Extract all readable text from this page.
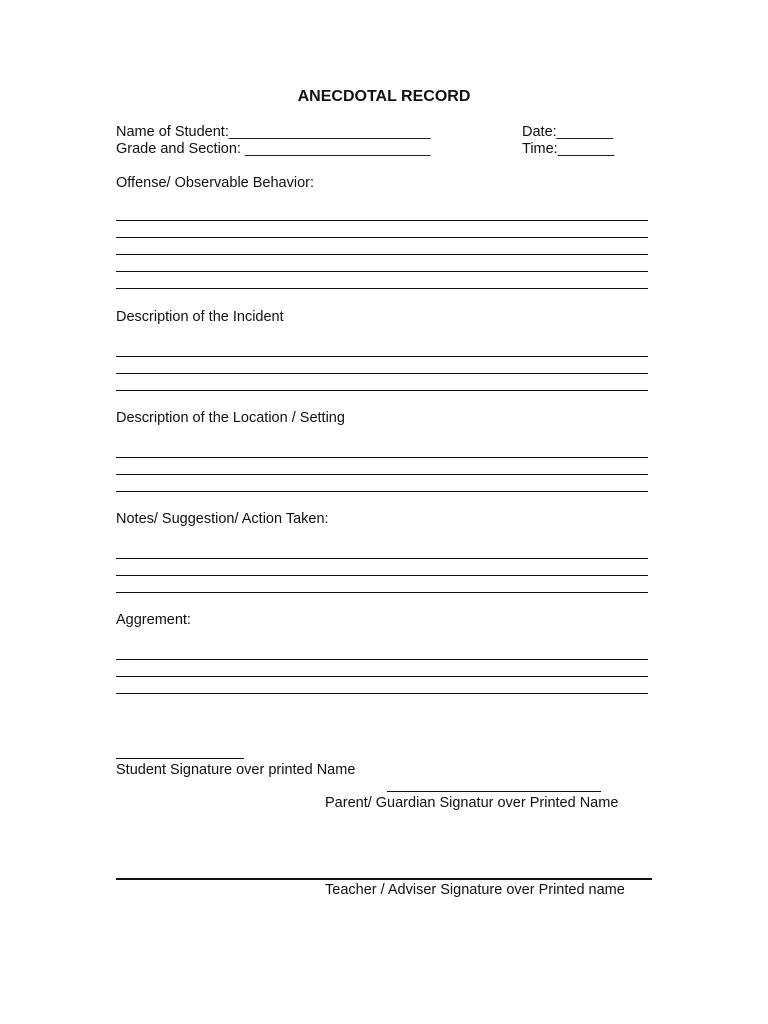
ANECDOTAL RECORD
Name of Student:_________________________
Grade and Section: _______________________
Date:_______
Time:_______
Offense/ Observable Behavior:
Description of the Incident
Description of the Location / Setting
Notes/ Suggestion/ Action Taken:
Aggrement:
Student Signature over printed Name
Parent/ Guardian Signatur over Printed Name
Teacher / Adviser Signature over Printed name
